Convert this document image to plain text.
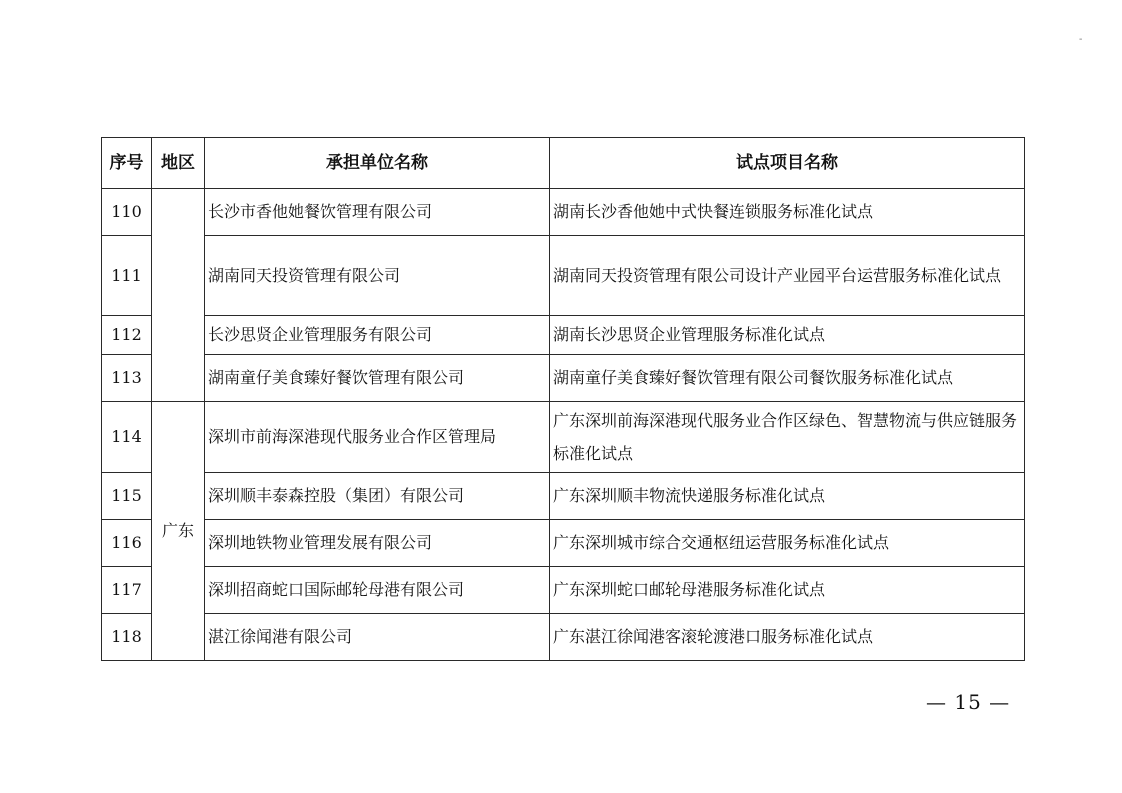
-
序号	地区	承担单位名称	试点项目名称
110		长沙市香他她餐饮管理有限公司	湖南长沙香他她中式快餐连锁服务标准化试点
111		湖南同天投资管理有限公司	湖南同天投资管理有限公司设计产业园平台运营服务标准化试点
112		长沙思贤企业管理服务有限公司	湖南长沙思贤企业管理服务标准化试点
113		湖南童仔美食臻好餐饮管理有限公司	湖南童仔美食臻好餐饮管理有限公司餐饮服务标准化试点
114	广东	深圳市前海深港现代服务业合作区管理局	广东深圳前海深港现代服务业合作区绿色、智慧物流与供应链服务标准化试点
115		深圳顺丰泰森控股（集团）有限公司	广东深圳顺丰物流快递服务标准化试点
116		深圳地铁物业管理发展有限公司	广东深圳城市综合交通枢纽运营服务标准化试点
117		深圳招商蛇口国际邮轮母港有限公司	广东深圳蛇口邮轮母港服务标准化试点
118		湛江徐闻港有限公司	广东湛江徐闻港客滚轮渡港口服务标准化试点
— 15 —
